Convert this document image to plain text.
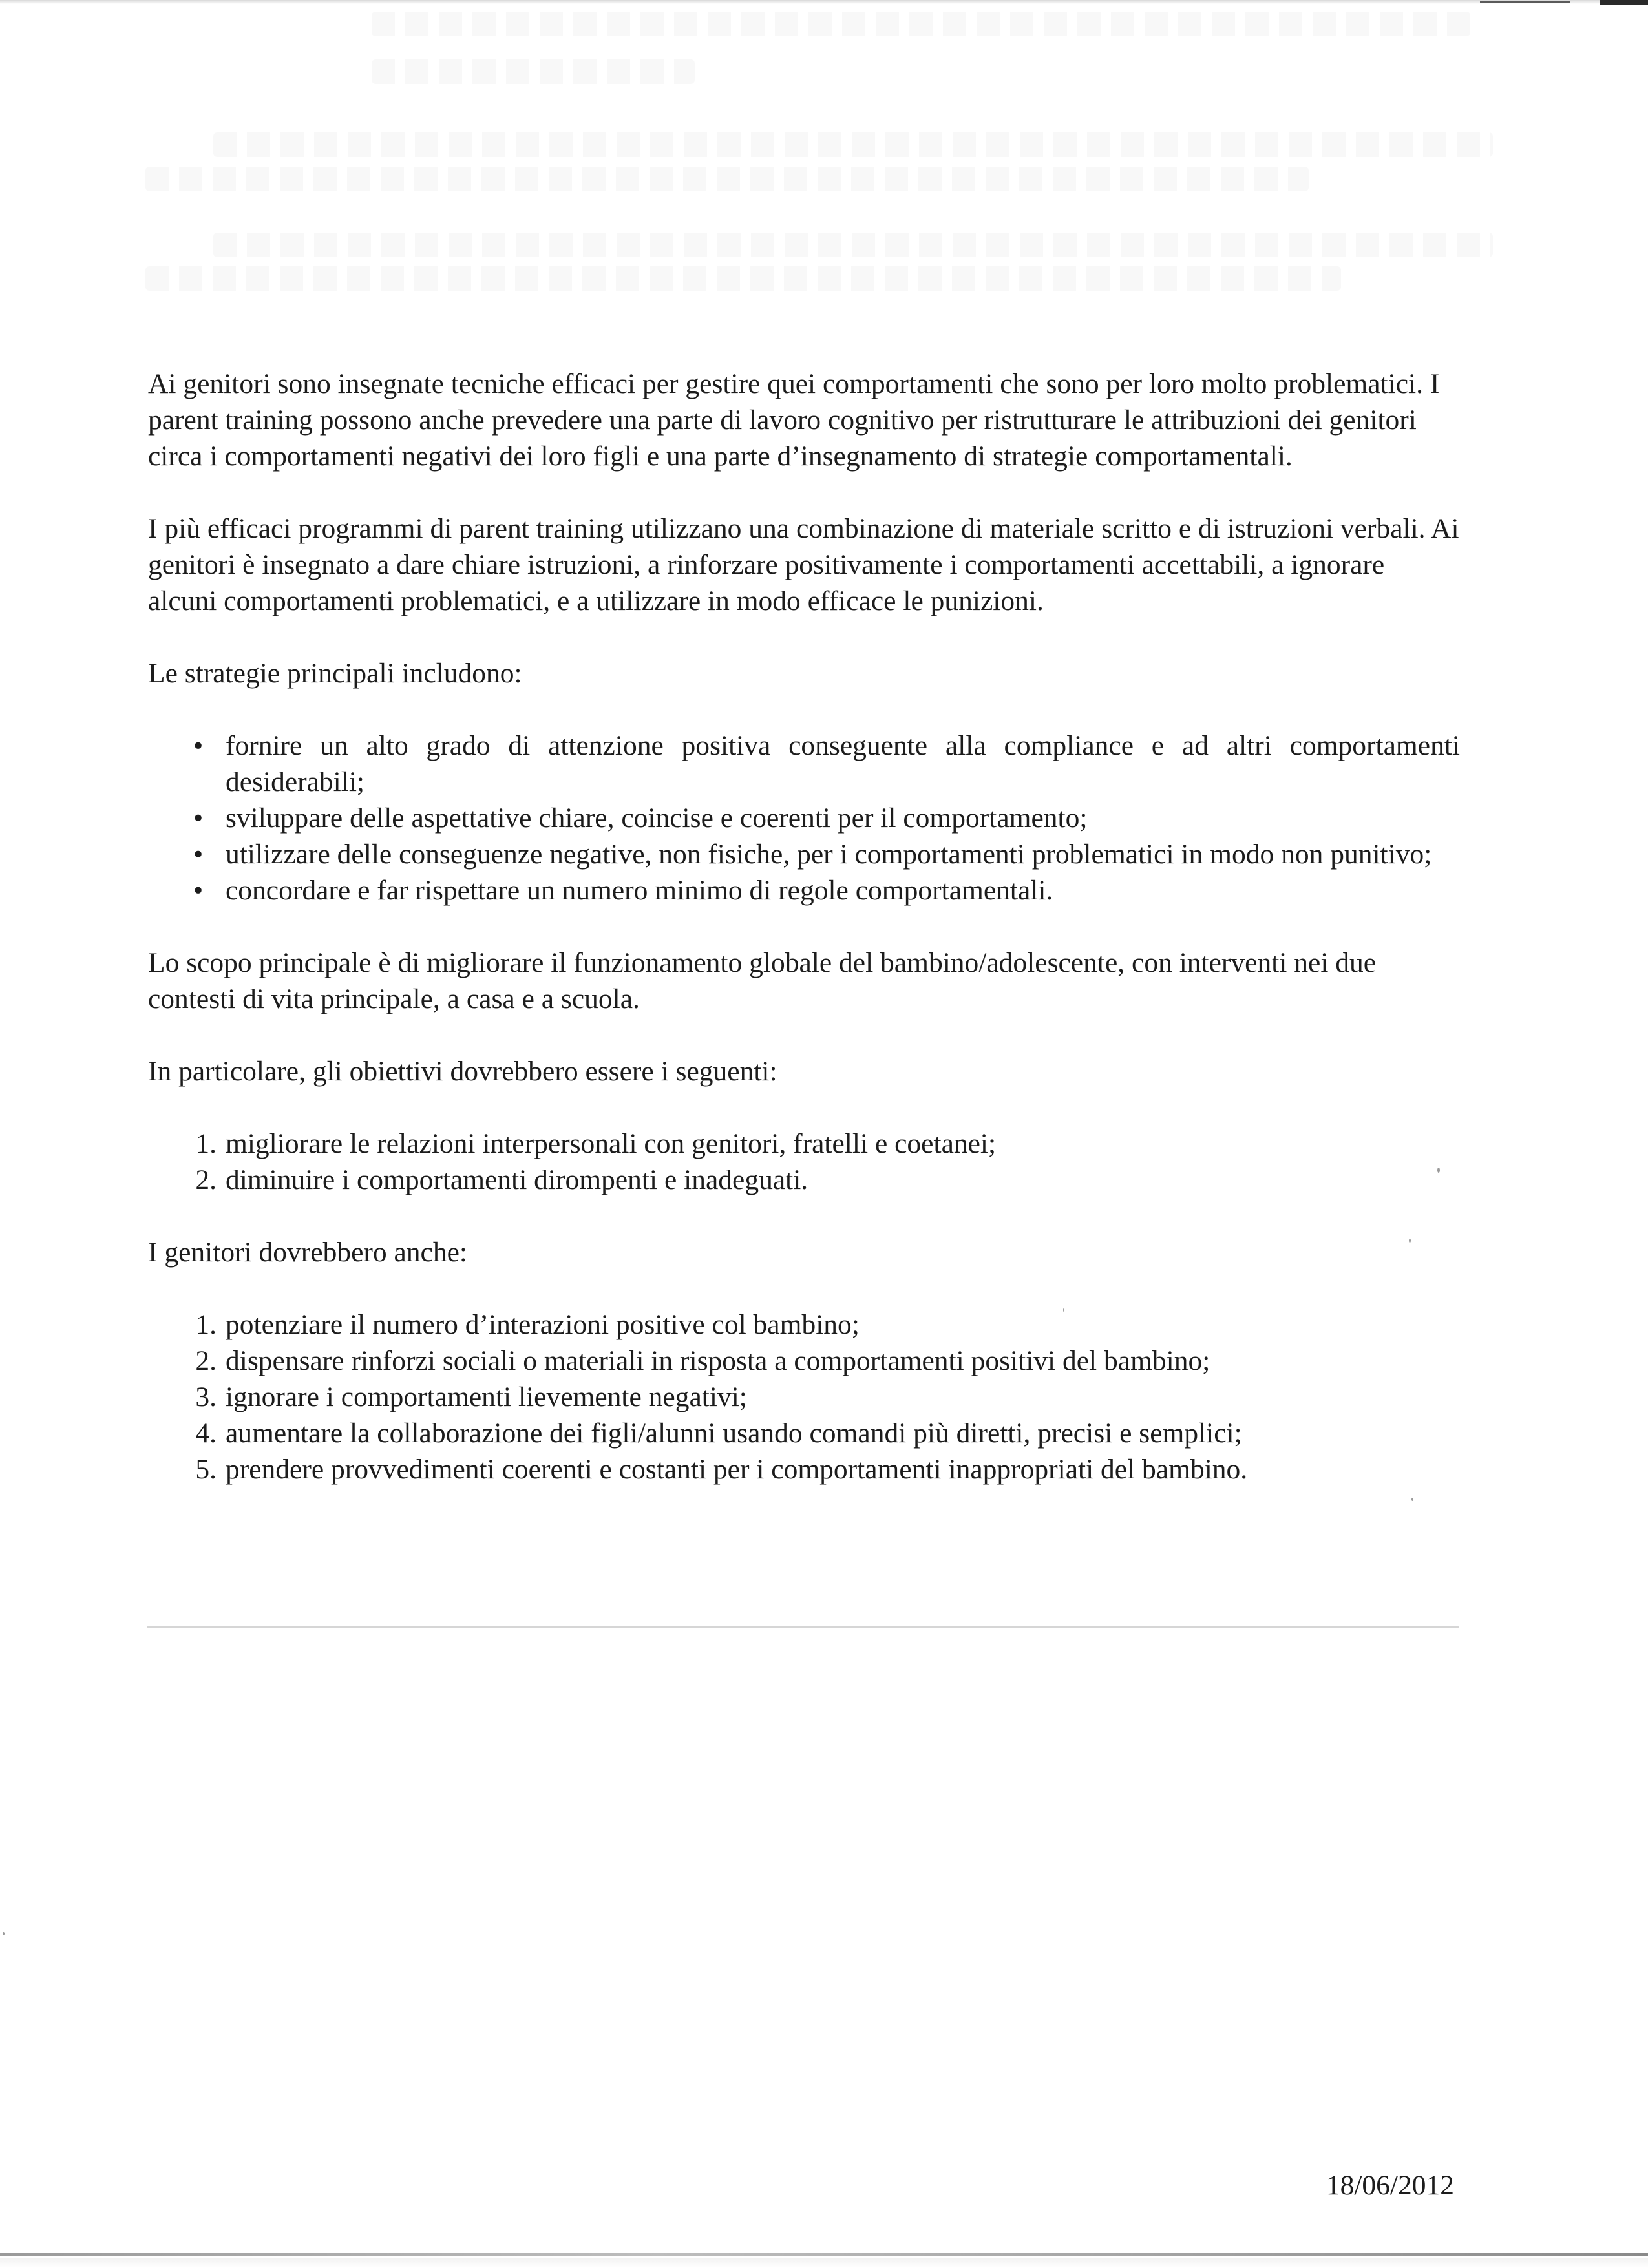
Ai genitori sono insegnate tecniche efficaci per gestire quei comportamenti che sono per loro molto problematici. I parent training possono anche prevedere una parte di lavoro cognitivo per ristrutturare le attribuzioni dei genitori circa i comportamenti negativi dei loro figli e una parte d’insegnamento di strategie comportamentali.

I più efficaci programmi di parent training utilizzano una combinazione di materiale scritto e di istruzioni verbali. Ai genitori è insegnato a dare chiare istruzioni, a rinforzare positivamente i comportamenti accettabili, a ignorare alcuni comportamenti problematici, e a utilizzare in modo efficace le punizioni.

Le strategie principali includono:

• fornire un alto grado di attenzione positiva conseguente alla compliance e ad altri comportamenti desiderabili;
• sviluppare delle aspettative chiare, coincise e coerenti per il comportamento;
• utilizzare delle conseguenze negative, non fisiche, per i comportamenti problematici in modo non punitivo;
• concordare e far rispettare un numero minimo di regole comportamentali.

Lo scopo principale è di migliorare il funzionamento globale del bambino/adolescente, con interventi nei due contesti di vita principale, a casa e a scuola.

In particolare, gli obiettivi dovrebbero essere i seguenti:

1. migliorare le relazioni interpersonali con genitori, fratelli e coetanei;
2. diminuire i comportamenti dirompenti e inadeguati.

I genitori dovrebbero anche:

1. potenziare il numero d’interazioni positive col bambino;
2. dispensare rinforzi sociali o materiali in risposta a comportamenti positivi del bambino;
3. ignorare i comportamenti lievemente negativi;
4. aumentare la collaborazione dei figli/alunni usando comandi più diretti, precisi e semplici;
5. prendere provvedimenti coerenti e costanti per i comportamenti inappropriati del bambino.
18/06/2012
